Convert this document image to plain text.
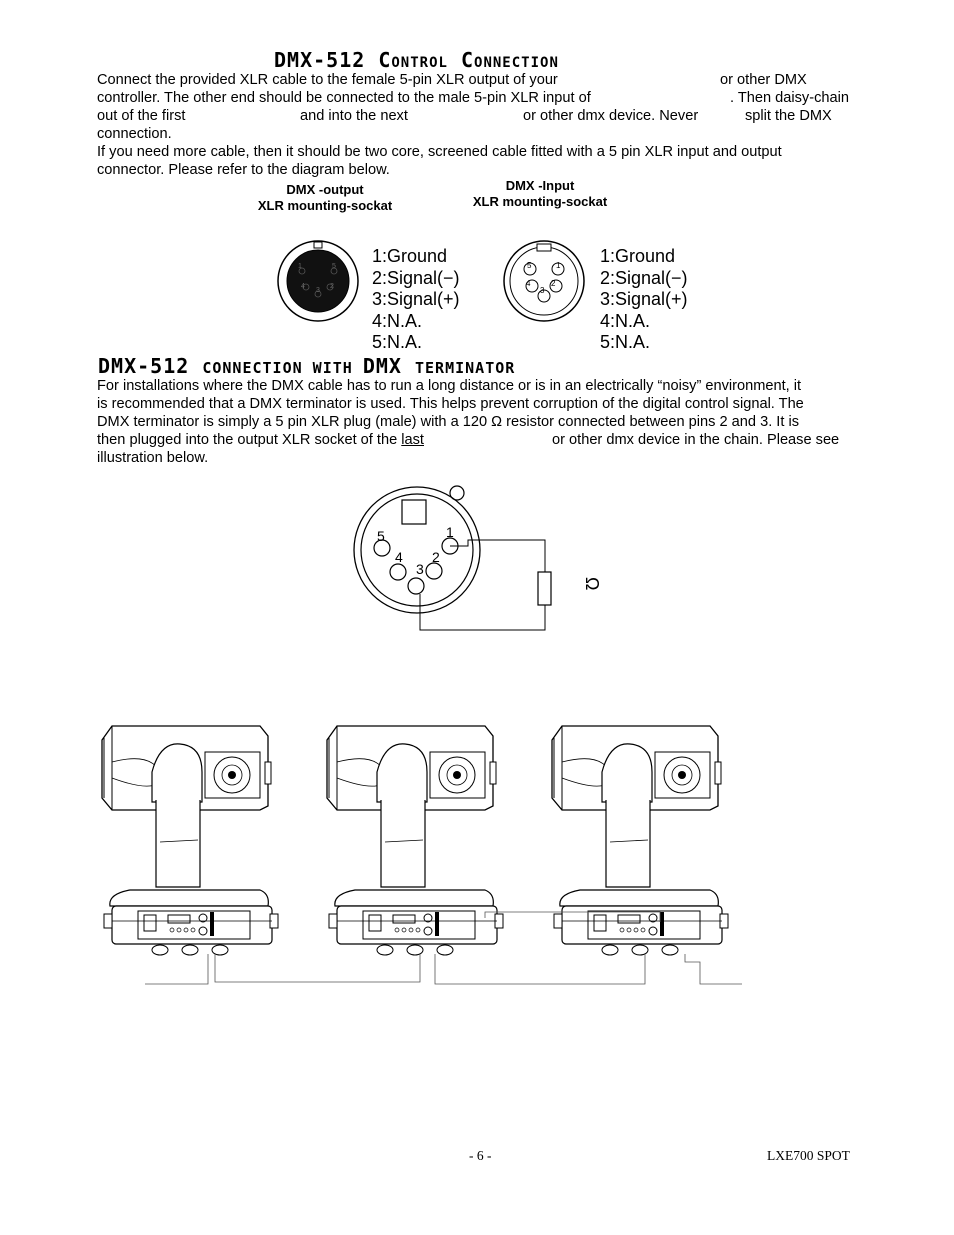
DMX-512 Control Connection
Connect the provided XLR cable to the female 5-pin XLR output of your	or other DMX
controller. The other end should be connected to the male 5-pin XLR input of	. Then daisy-chain
out of the first	and into the next	or other dmx device. Never	split the DMX
connection.
If you need more cable, then it should be two core, screened cable fitted with a 5 pin XLR input and output
connector. Please refer to the diagram below.
DMX -output
XLR mounting-sockat
DMX -Input
XLR mounting-sockat
1
2
3
4
5
1:Ground
2:Signal(−)
3:Signal(+)
4:N.A.
5:N.A.
1
2
3
4
5	1:Ground
2:Signal(−)
3:Signal(+)
4:N.A.
5:N.A.
DMX-512 CONNECTION WITH DMX TERMINATOR
For installations where the DMX cable has to run a long distance or is in an electrically “noisy” environment, it
is recommended that a DMX terminator is used. This helps prevent corruption of the digital control signal. The
DMX terminator is simply a 5 pin XLR plug (male) with a 120 Ω resistor connected between pins 2 and 3. It is
then plugged into the output XLR socket of the last	or other dmx device in the chain. Please see
illustration below.
1
2
3
4
5
Ω
- 6 -	LXE700 SPOT
